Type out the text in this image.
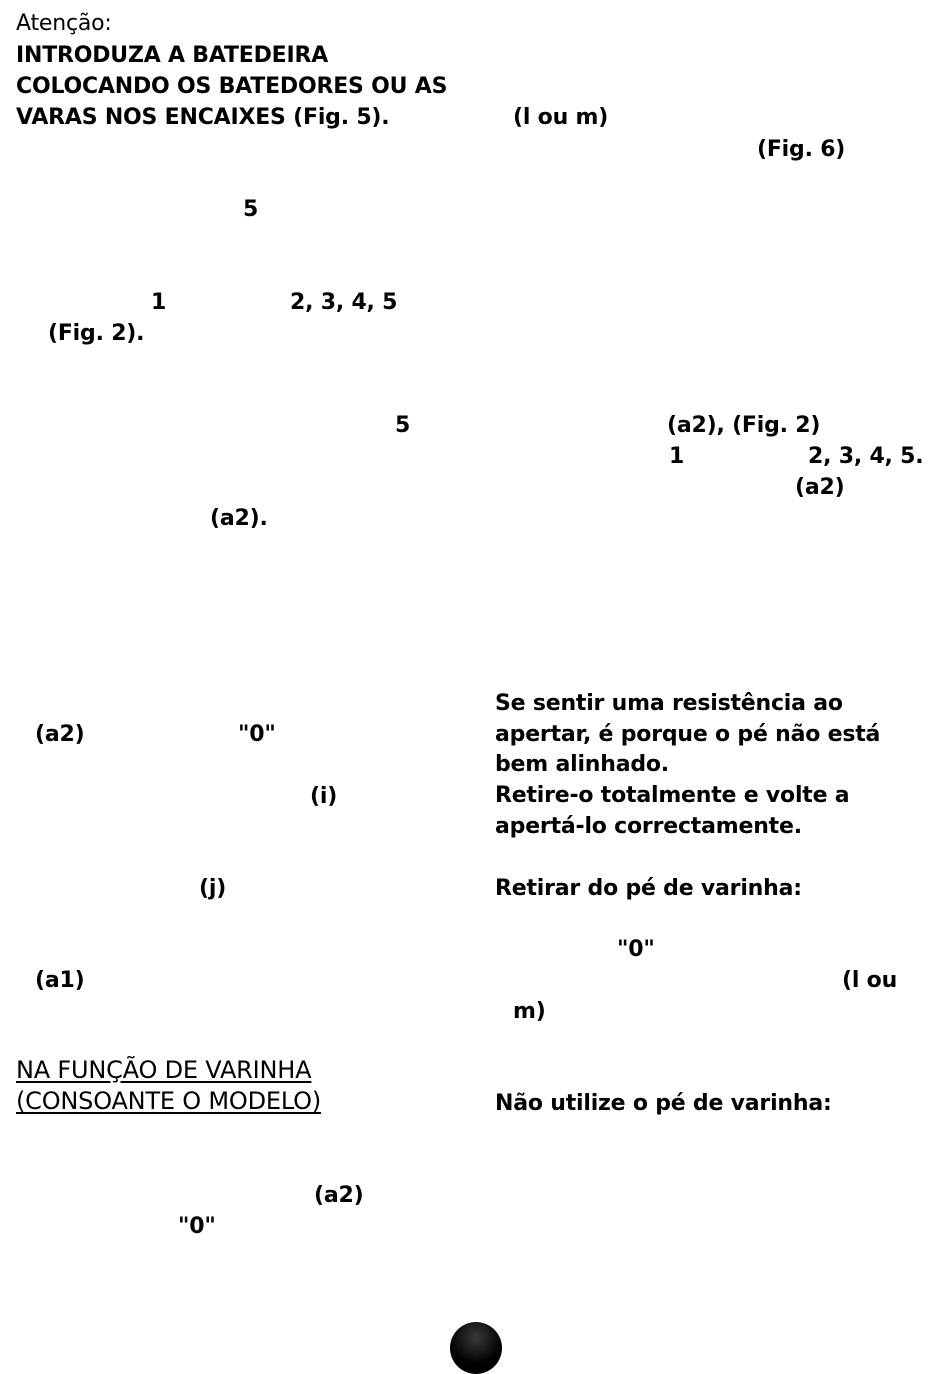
Atenção:
INTRODUZA A BATEDEIRA
COLOCANDO OS BATEDORES OU AS
VARAS NOS ENCAIXES (Fig. 5).
5
1	2, 3, 4, 5
(Fig. 2).
5
(a2).
(a2)	"0"
(i)
(j)
(a1)
NA FUNÇÃO DE VARINHA
(CONSOANTE O MODELO)
(a2)
"0"
(l ou m)
(Fig. 6)
(a2), (Fig. 2)
1	2, 3, 4, 5.
(a2)
Se sentir uma resistência ao
apertar, é porque o pé não está
bem alinhado.
Retire-o totalmente e volte a
apertá-lo correctamente.
Retirar do pé de varinha:
"0"
(l ou
m)
Não utilize o pé de varinha:
